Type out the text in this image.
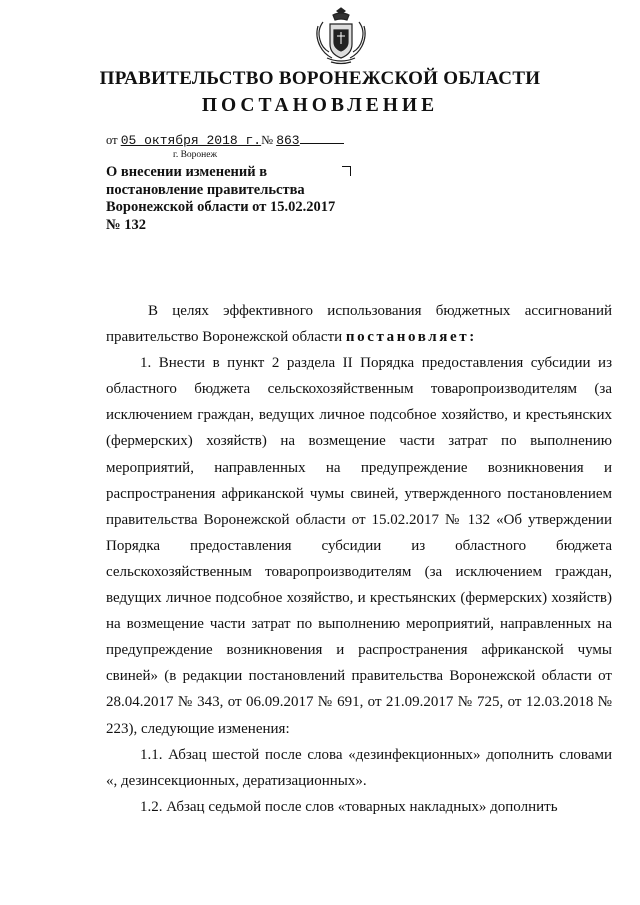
ПРАВИТЕЛЬСТВО ВОРОНЕЖСКОЙ ОБЛАСТИ
ПОСТАНОВЛЕНИЕ
от 05 октября 2018 г.№ 863
г. Воронеж
О внесении изменений в постановление правительства Воронежской области от 15.02.2017 № 132

В целях эффективного использования бюджетных ассигнований правительство Воронежской области постановляет:

1. Внести в пункт 2 раздела II Порядка предоставления субсидии из областного бюджета сельскохозяйственным товаропроизводителям (за исключением граждан, ведущих личное подсобное хозяйство, и крестьянских (фермерских) хозяйств) на возмещение части затрат по выполнению мероприятий, направленных на предупреждение возникновения и распространения африканской чумы свиней, утвержденного постановлением правительства Воронежской области от 15.02.2017 № 132 «Об утверждении Порядка предоставления субсидии из областного бюджета сельскохозяйственным товаропроизводителям (за исключением граждан, ведущих личное подсобное хозяйство, и крестьянских (фермерских) хозяйств) на возмещение части затрат по выполнению мероприятий, направленных на предупреждение возникновения и распространения африканской чумы свиней» (в редакции постановлений правительства Воронежской области от 28.04.2017 № 343, от 06.09.2017 № 691, от 21.09.2017 № 725, от 12.03.2018 № 223), следующие изменения:

1.1. Абзац шестой после слова «дезинфекционных» дополнить словами «, дезинсекционных, дератизационных».

1.2. Абзац седьмой после слов «товарных накладных» дополнить
